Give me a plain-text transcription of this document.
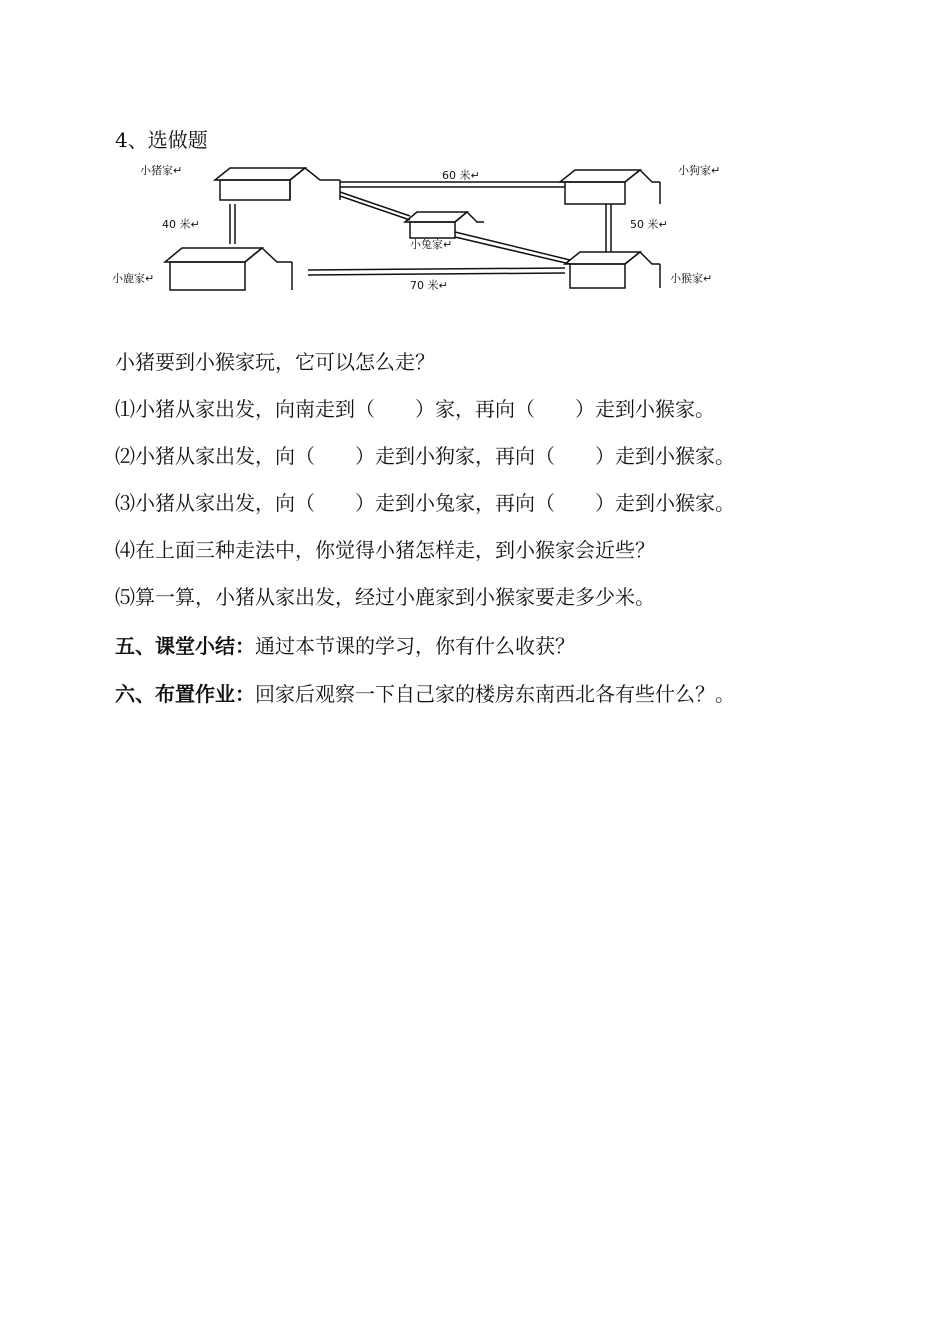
4、选做题
小猪家↵	小狗家↵
小兔家↵
小鹿家↵	小猴家↵
60 米↵
40 米↵	50 米↵
70 米↵
小猪要到小猴家玩，它可以怎么走？
⑴小猪从家出发，向南走到（　　）家，再向（　　）走到小猴家。
⑵小猪从家出发，向（　　）走到小狗家，再向（　　）走到小猴家。
⑶小猪从家出发，向（　　）走到小兔家，再向（　　）走到小猴家。
⑷在上面三种走法中，你觉得小猪怎样走，到小猴家会近些？
⑸算一算，小猪从家出发，经过小鹿家到小猴家要走多少米。
五、课堂小结：通过本节课的学习，你有什么收获？
六、布置作业：回家后观察一下自己家的楼房东南西北各有些什么？。
